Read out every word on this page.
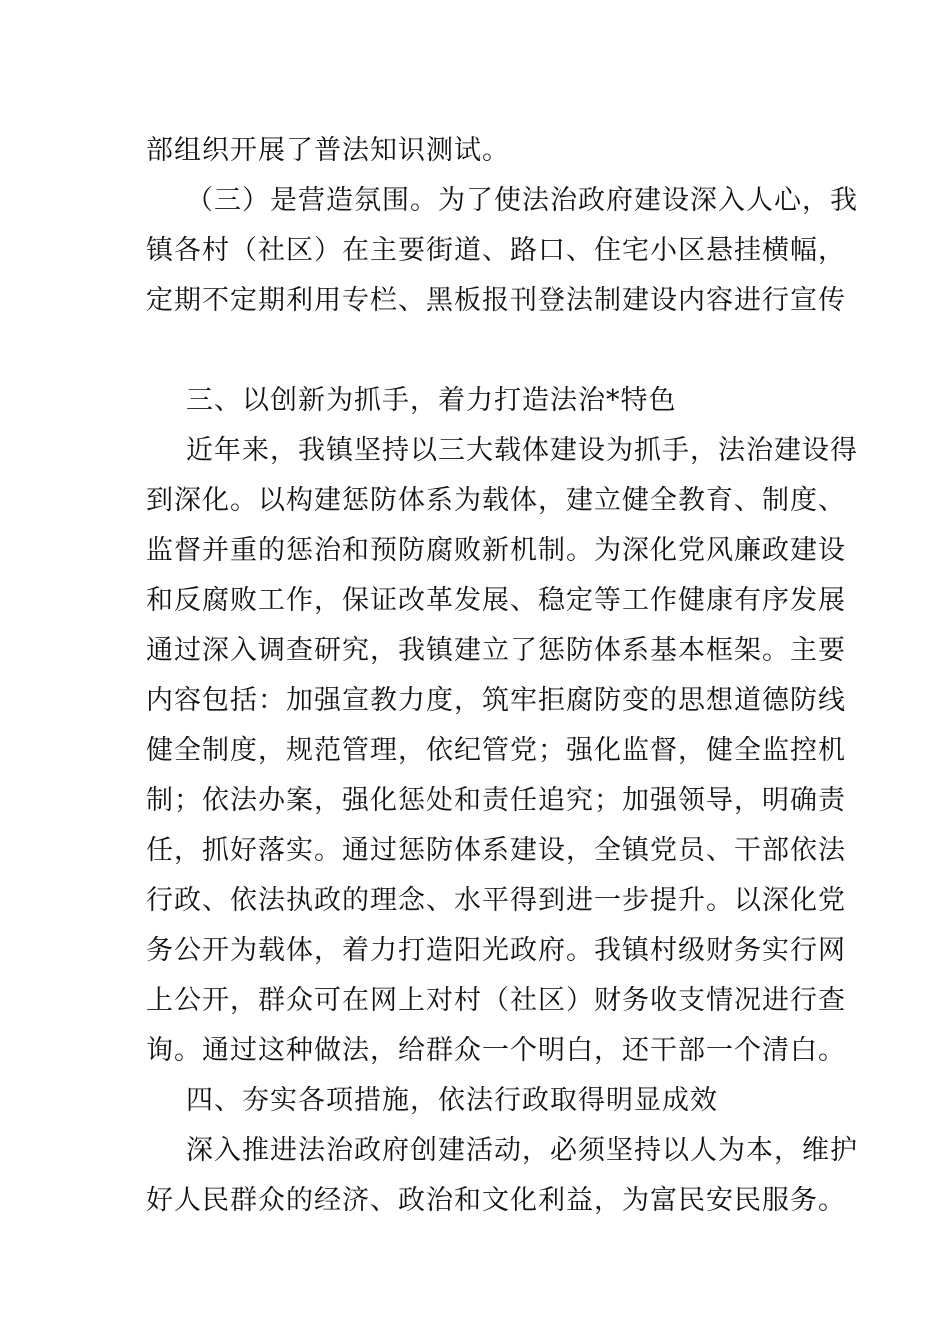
部组织开展了普法知识测试。
（三）是营造氛围。为了使法治政府建设深入人心，我
镇各村（社区）在主要街道、路口、住宅小区悬挂横幅，
定期不定期利用专栏、黑板报刊登法制建设内容进行宣传
三、以创新为抓手，着力打造法治*特色
近年来，我镇坚持以三大载体建设为抓手，法治建设得
到深化。以构建惩防体系为载体，建立健全教育、制度、
监督并重的惩治和预防腐败新机制。为深化党风廉政建设
和反腐败工作，保证改革发展、稳定等工作健康有序发展
通过深入调查研究，我镇建立了惩防体系基本框架。主要
内容包括：加强宣教力度，筑牢拒腐防变的思想道德防线
健全制度，规范管理，依纪管党；强化监督，健全监控机
制；依法办案，强化惩处和责任追究；加强领导，明确责
任，抓好落实。通过惩防体系建设，全镇党员、干部依法
行政、依法执政的理念、水平得到进一步提升。以深化党
务公开为载体，着力打造阳光政府。我镇村级财务实行网
上公开，群众可在网上对村（社区）财务收支情况进行查
询。通过这种做法，给群众一个明白，还干部一个清白。
四、夯实各项措施，依法行政取得明显成效
深入推进法治政府创建活动，必须坚持以人为本，维护
好人民群众的经济、政治和文化利益，为富民安民服务。
